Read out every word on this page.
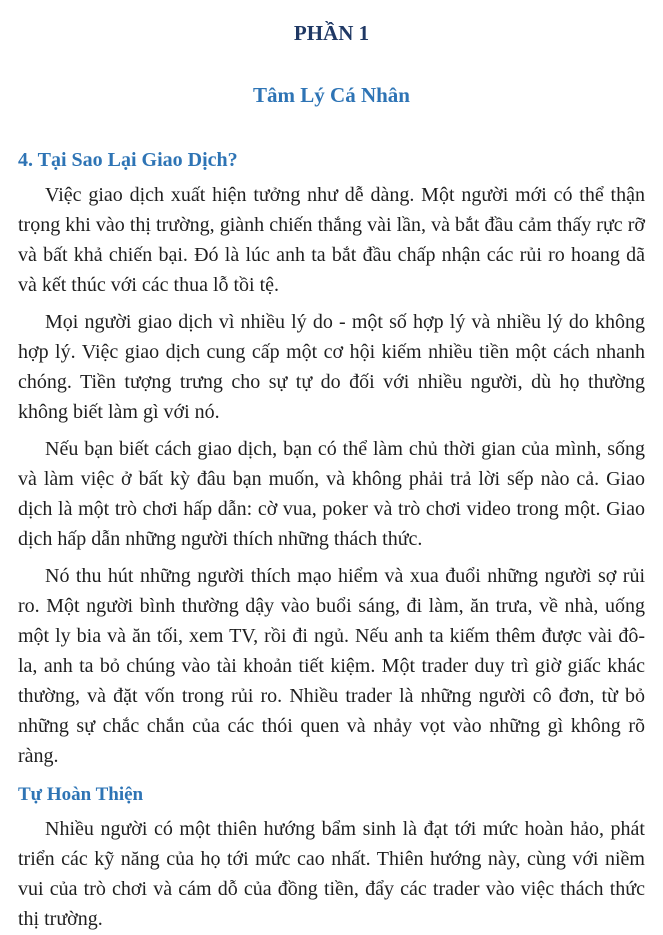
PHẦN 1
Tâm Lý Cá Nhân
4. Tại Sao Lại Giao Dịch?

Việc giao dịch xuất hiện tưởng như dễ dàng. Một người mới có thể thận trọng khi vào thị trường, giành chiến thắng vài lần, và bắt đầu cảm thấy rực rỡ và bất khả chiến bại. Đó là lúc anh ta bắt đầu chấp nhận các rủi ro hoang dã và kết thúc với các thua lỗ tồi tệ.

Mọi người giao dịch vì nhiều lý do - một số hợp lý và nhiều lý do không hợp lý. Việc giao dịch cung cấp một cơ hội kiếm nhiều tiền một cách nhanh chóng. Tiền tượng trưng cho sự tự do đối với nhiều người, dù họ thường không biết làm gì với nó.

Nếu bạn biết cách giao dịch, bạn có thể làm chủ thời gian của mình, sống và làm việc ở bất kỳ đâu bạn muốn, và không phải trả lời sếp nào cả. Giao dịch là một trò chơi hấp dẫn: cờ vua, poker và trò chơi video trong một. Giao dịch hấp dẫn những người thích những thách thức.

Nó thu hút những người thích mạo hiểm và xua đuổi những người sợ rủi ro. Một người bình thường dậy vào buổi sáng, đi làm, ăn trưa, về nhà, uống một ly bia và ăn tối, xem TV, rồi đi ngủ. Nếu anh ta kiếm thêm được vài đô-la, anh ta bỏ chúng vào tài khoản tiết kiệm. Một trader duy trì giờ giấc khác thường, và đặt vốn trong rủi ro. Nhiều trader là những người cô đơn, từ bỏ những sự chắc chắn của các thói quen và nhảy vọt vào những gì không rõ ràng.

Tự Hoàn Thiện

Nhiều người có một thiên hướng bẩm sinh là đạt tới mức hoàn hảo, phát triển các kỹ năng của họ tới mức cao nhất. Thiên hướng này, cùng với niềm vui của trò chơi và cám dỗ của đồng tiền, đẩy các trader vào việc thách thức thị trường.
